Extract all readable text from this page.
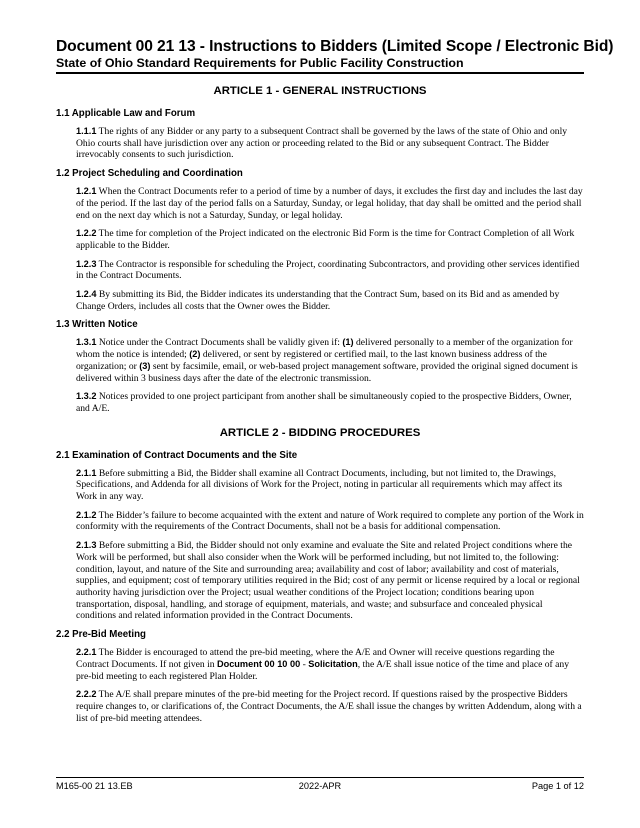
Document 00 21 13 - Instructions to Bidders (Limited Scope / Electronic Bid)
State of Ohio Standard Requirements for Public Facility Construction
ARTICLE 1 - GENERAL INSTRUCTIONS
1.1 Applicable Law and Forum

1.1.1 The rights of any Bidder or any party to a subsequent Contract shall be governed by the laws of the state of Ohio and only Ohio courts shall have jurisdiction over any action or proceeding related to the Bid or any subsequent Contract. The Bidder irrevocably consents to such jurisdiction.

1.2 Project Scheduling and Coordination

1.2.1 When the Contract Documents refer to a period of time by a number of days, it excludes the first day and includes the last day of the period. If the last day of the period falls on a Saturday, Sunday, or legal holiday, that day shall be omitted and the period shall end on the next day which is not a Saturday, Sunday, or legal holiday.

1.2.2 The time for completion of the Project indicated on the electronic Bid Form is the time for Contract Completion of all Work applicable to the Bidder.

1.2.3 The Contractor is responsible for scheduling the Project, coordinating Subcontractors, and providing other services identified in the Contract Documents.

1.2.4 By submitting its Bid, the Bidder indicates its understanding that the Contract Sum, based on its Bid and as amended by Change Orders, includes all costs that the Owner owes the Bidder.

1.3 Written Notice

1.3.1 Notice under the Contract Documents shall be validly given if: (1) delivered personally to a member of the organization for whom the notice is intended; (2) delivered, or sent by registered or certified mail, to the last known business address of the organization; or (3) sent by facsimile, email, or web-based project management software, provided the original signed document is delivered within 3 business days after the date of the electronic transmission.

1.3.2 Notices provided to one project participant from another shall be simultaneously copied to the prospective Bidders, Owner, and A/E.

ARTICLE 2 - BIDDING PROCEDURES
2.1 Examination of Contract Documents and the Site

2.1.1 Before submitting a Bid, the Bidder shall examine all Contract Documents, including, but not limited to, the Drawings, Specifications, and Addenda for all divisions of Work for the Project, noting in particular all requirements which may affect its Work in any way.

2.1.2 The Bidder’s failure to become acquainted with the extent and nature of Work required to complete any portion of the Work in conformity with the requirements of the Contract Documents, shall not be a basis for additional compensation.

2.1.3 Before submitting a Bid, the Bidder should not only examine and evaluate the Site and related Project conditions where the Work will be performed, but shall also consider when the Work will be performed including, but not limited to, the following: condition, layout, and nature of the Site and surrounding area; availability and cost of labor; availability and cost of materials, supplies, and equipment; cost of temporary utilities required in the Bid; cost of any permit or license required by a local or regional authority having jurisdiction over the Project; usual weather conditions of the Project location; conditions bearing upon transportation, disposal, handling, and storage of equipment, materials, and waste; and subsurface and concealed physical conditions and related information provided in the Contract Documents.

2.2 Pre-Bid Meeting

2.2.1 The Bidder is encouraged to attend the pre-bid meeting, where the A/E and Owner will receive questions regarding the Contract Documents. If not given in Document 00 10 00 - Solicitation, the A/E shall issue notice of the time and place of any pre-bid meeting to each registered Plan Holder.

2.2.2 The A/E shall prepare minutes of the pre-bid meeting for the Project record. If questions raised by the prospective Bidders require changes to, or clarifications of, the Contract Documents, the A/E shall issue the changes by written Addendum, along with a list of pre-bid meeting attendees.

M165-00 21 13.EB	2022-APR	Page 1 of 12
